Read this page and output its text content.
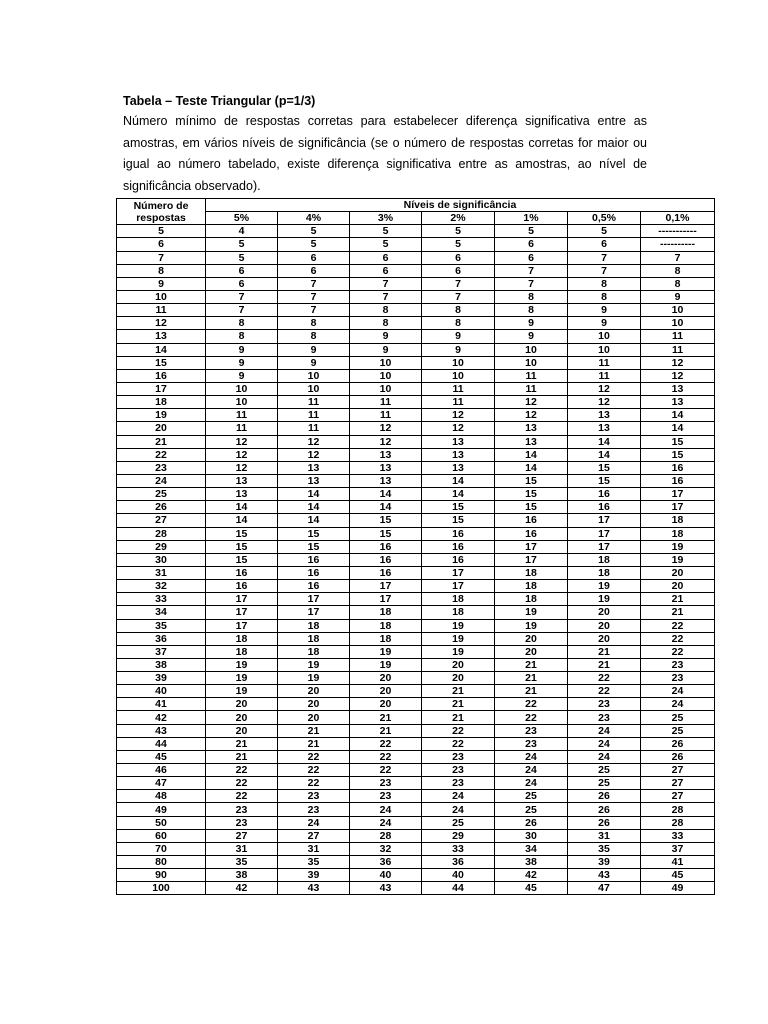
Tabela – Teste Triangular (p=1/3)

Número mínimo de respostas corretas para estabelecer diferença significativa entre as amostras, em vários níveis de significância (se o número de respostas corretas for maior ou igual ao número tabelado, existe diferença significativa entre as amostras, ao nível de significância observado).

Número de
respostas	Níveis de significância						
	5%	4%	3%	2%	1%	0,5%	0,1%
5	4	5	5	5	5	5	-----------
6	5	5	5	5	6	6	----------
7	5	6	6	6	6	7	7
8	6	6	6	6	7	7	8
9	6	7	7	7	7	8	8
10	7	7	7	7	8	8	9
11	7	7	8	8	8	9	10
12	8	8	8	8	9	9	10
13	8	8	9	9	9	10	11
14	9	9	9	9	10	10	11
15	9	9	10	10	10	11	12
16	9	10	10	10	11	11	12
17	10	10	10	11	11	12	13
18	10	11	11	11	12	12	13
19	11	11	11	12	12	13	14
20	11	11	12	12	13	13	14
21	12	12	12	13	13	14	15
22	12	12	13	13	14	14	15
23	12	13	13	13	14	15	16
24	13	13	13	14	15	15	16
25	13	14	14	14	15	16	17
26	14	14	14	15	15	16	17
27	14	14	15	15	16	17	18
28	15	15	15	16	16	17	18
29	15	15	16	16	17	17	19
30	15	16	16	16	17	18	19
31	16	16	16	17	18	18	20
32	16	16	17	17	18	19	20
33	17	17	17	18	18	19	21
34	17	17	18	18	19	20	21
35	17	18	18	19	19	20	22
36	18	18	18	19	20	20	22
37	18	18	19	19	20	21	22
38	19	19	19	20	21	21	23
39	19	19	20	20	21	22	23
40	19	20	20	21	21	22	24
41	20	20	20	21	22	23	24
42	20	20	21	21	22	23	25
43	20	21	21	22	23	24	25
44	21	21	22	22	23	24	26
45	21	22	22	23	24	24	26
46	22	22	22	23	24	25	27
47	22	22	23	23	24	25	27
48	22	23	23	24	25	26	27
49	23	23	24	24	25	26	28
50	23	24	24	25	26	26	28
60	27	27	28	29	30	31	33
70	31	31	32	33	34	35	37
80	35	35	36	36	38	39	41
90	38	39	40	40	42	43	45
100	42	43	43	44	45	47	49
